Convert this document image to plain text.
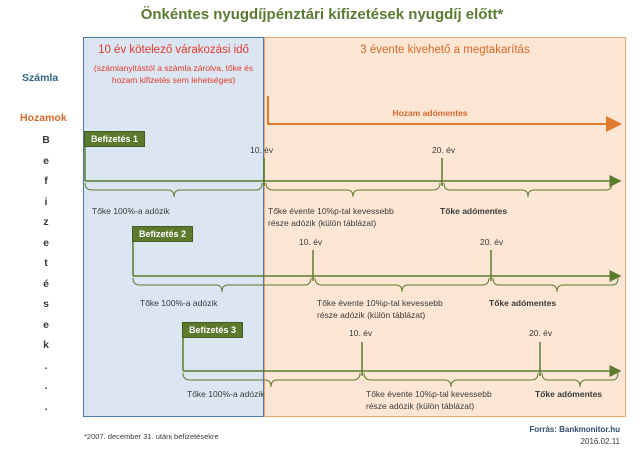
Önkéntes nyugdíjpénztári kifizetések nyugdíj előtt*
10 év kötelező várakozási idő
(számlanyitástól a számla zárolva, tőke és hozam kifizetés sem lehetséges)
3 évente kivehető a megtakarítás
Számla
Hozamok
B
e
f
i
z
e
t
é
s
e
k
.
.
.
Hozam adómentes
Befizetés 1
10. év	20. év
Tőke 100%-a adózik	Tőke évente 10%p-tal kevessebb
része adózik (külön táblázat)
Tőke adómentes
Befizetés 2
10. év	20. év
Tőke 100%-a adózik	Tőke évente 10%p-tal kevessebb
része adózik (külön táblázat)
Tőke adómentes
Befizetés 3	10. év	20. év
Tőke 100%-a adózik	Tőke évente 10%p-tal kevessebb
része adózik (külön táblázat)
Tőke adómentes
*2007. december 31. utáni befizetésekre
Forrás: Bankmonitor.hu
2016.02.11
